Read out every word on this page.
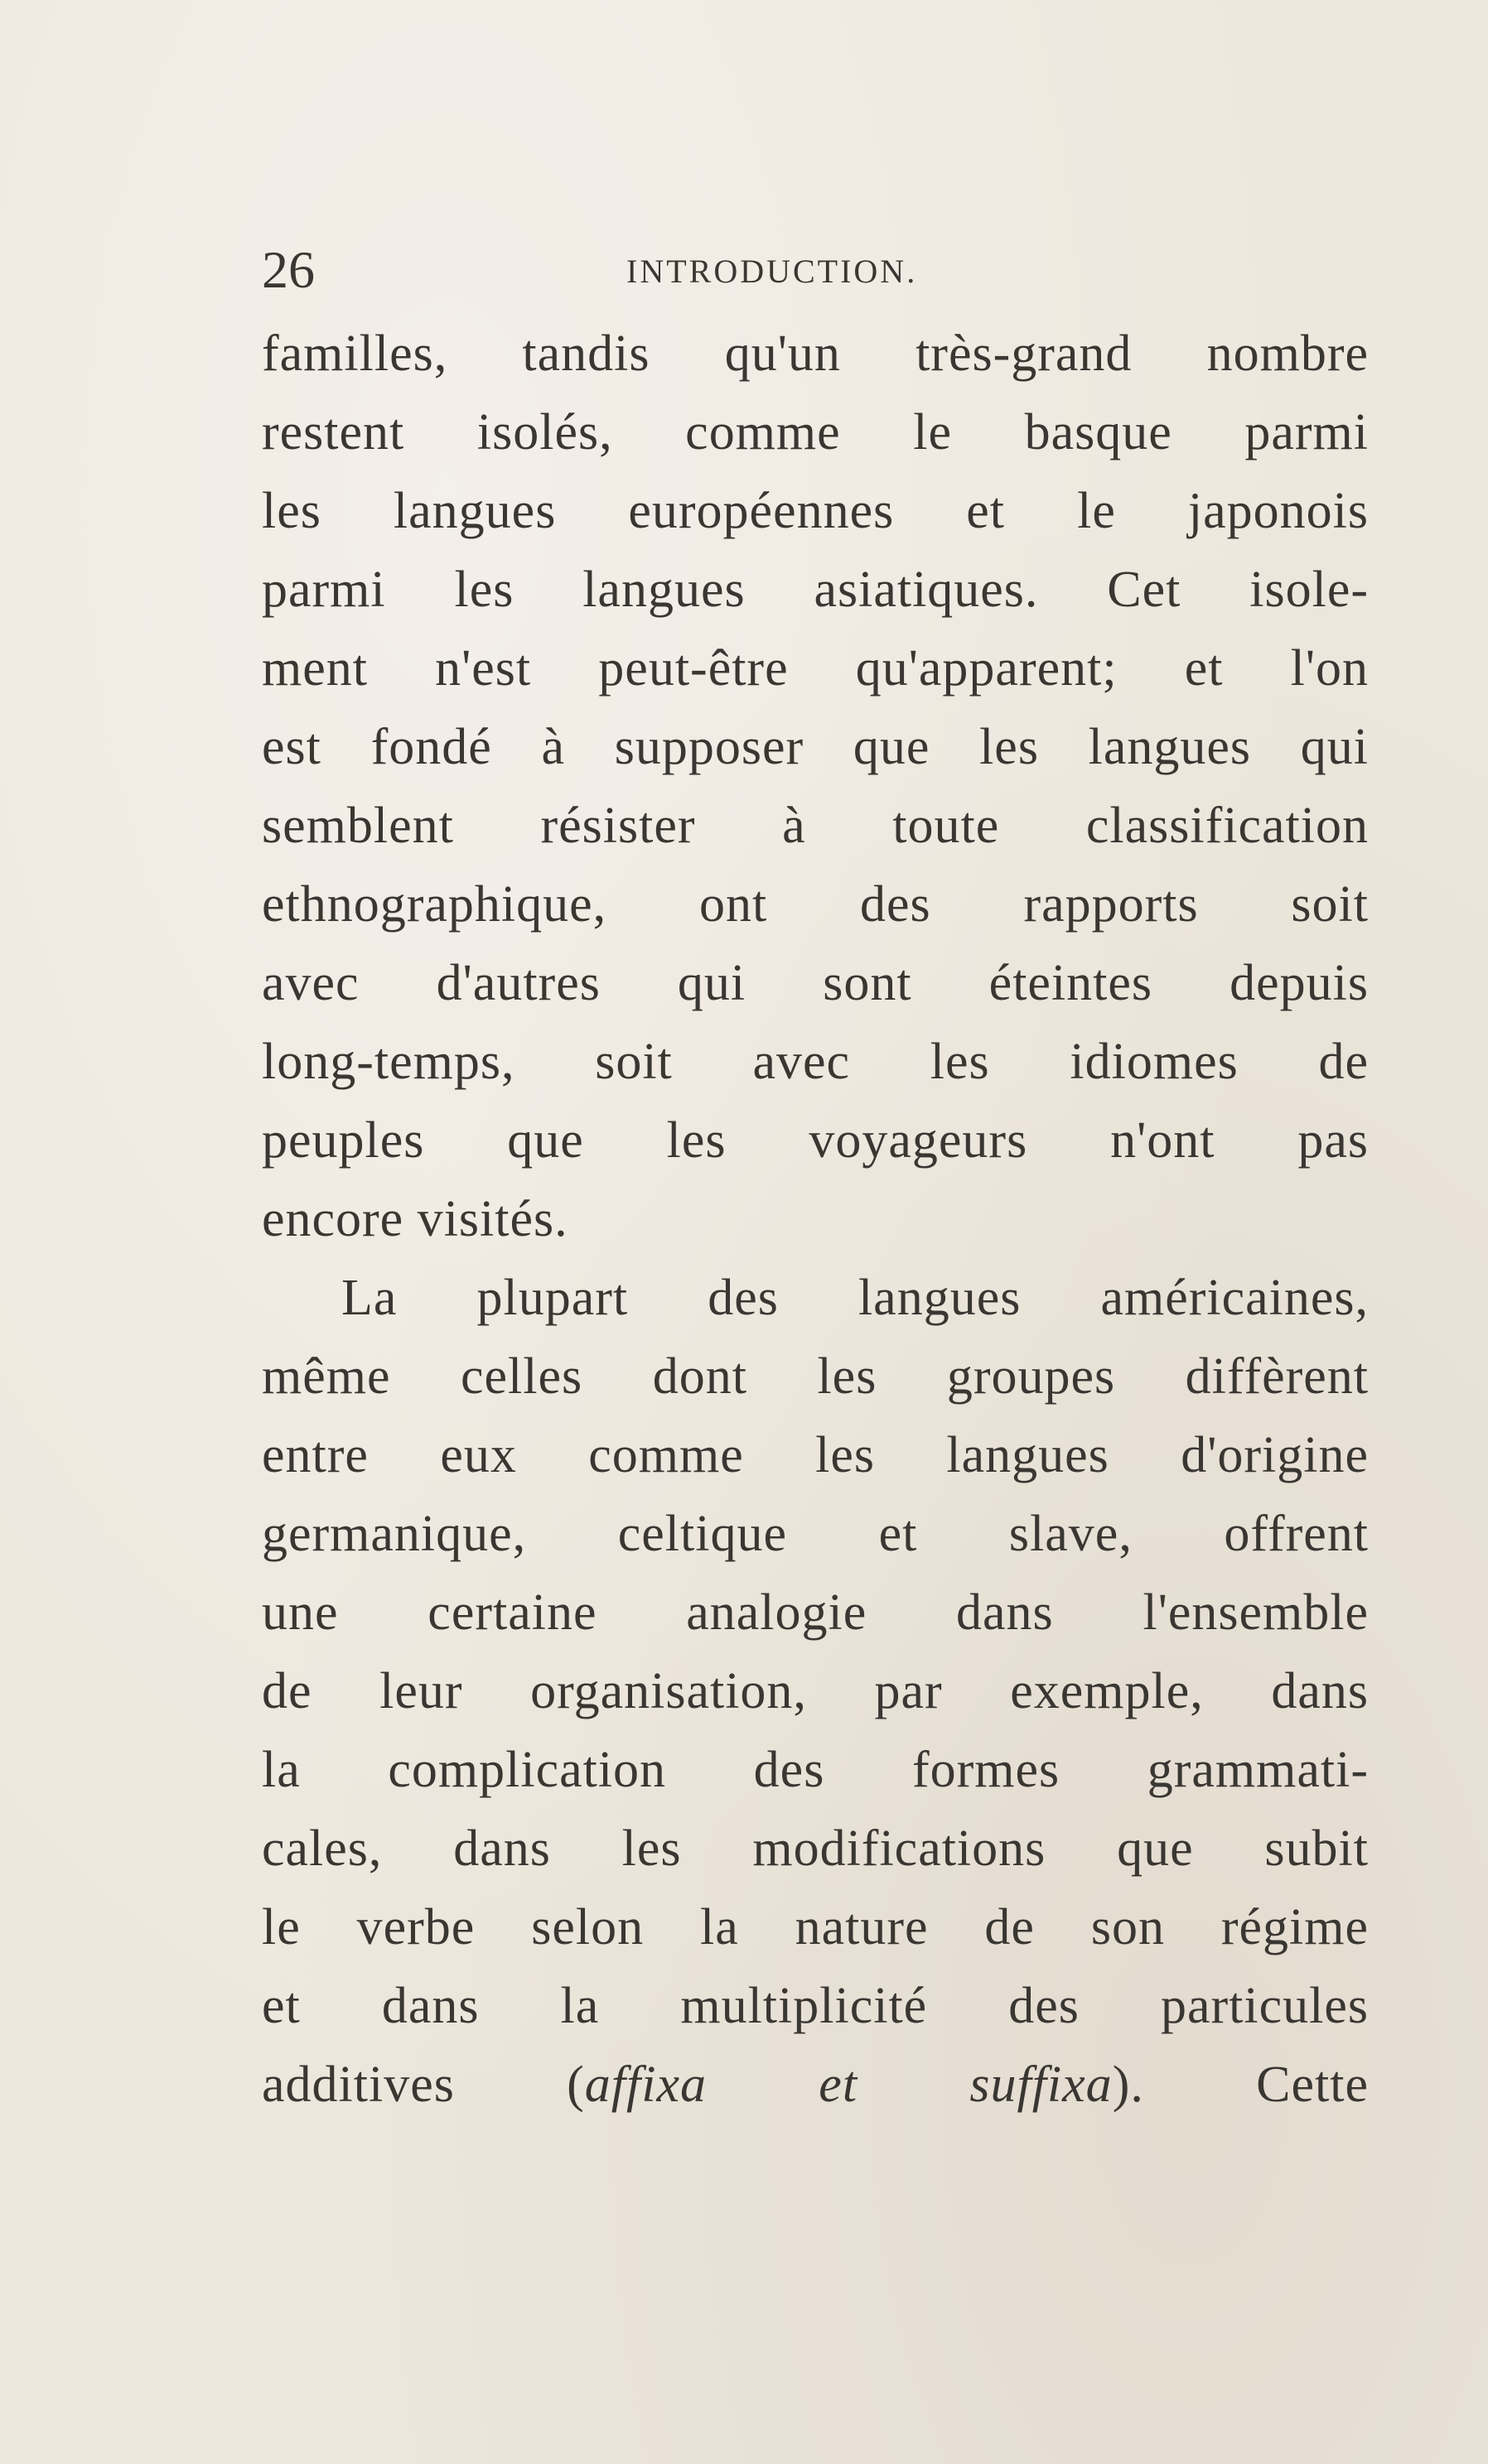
26	INTRODUCTION.
familles, tandis qu'un très-grand nombre
restent isolés, comme le basque parmi
les langues européennes et le japonois
parmi les langues asiatiques. Cet isole-
ment n'est peut-être qu'apparent; et l'on
est fondé à supposer que les langues qui
semblent résister à toute classification
ethnographique, ont des rapports soit
avec d'autres qui sont éteintes depuis
long-temps, soit avec les idiomes de
peuples que les voyageurs n'ont pas
encore visités.
La plupart des langues américaines,
même celles dont les groupes diffèrent
entre eux comme les langues d'origine
germanique, celtique et slave, offrent
une certaine analogie dans l'ensemble
de leur organisation, par exemple, dans
la complication des formes grammati-
cales, dans les modifications que subit
le verbe selon la nature de son régime
et dans la multiplicité des particules
additives (affixa et suffixa). Cette
